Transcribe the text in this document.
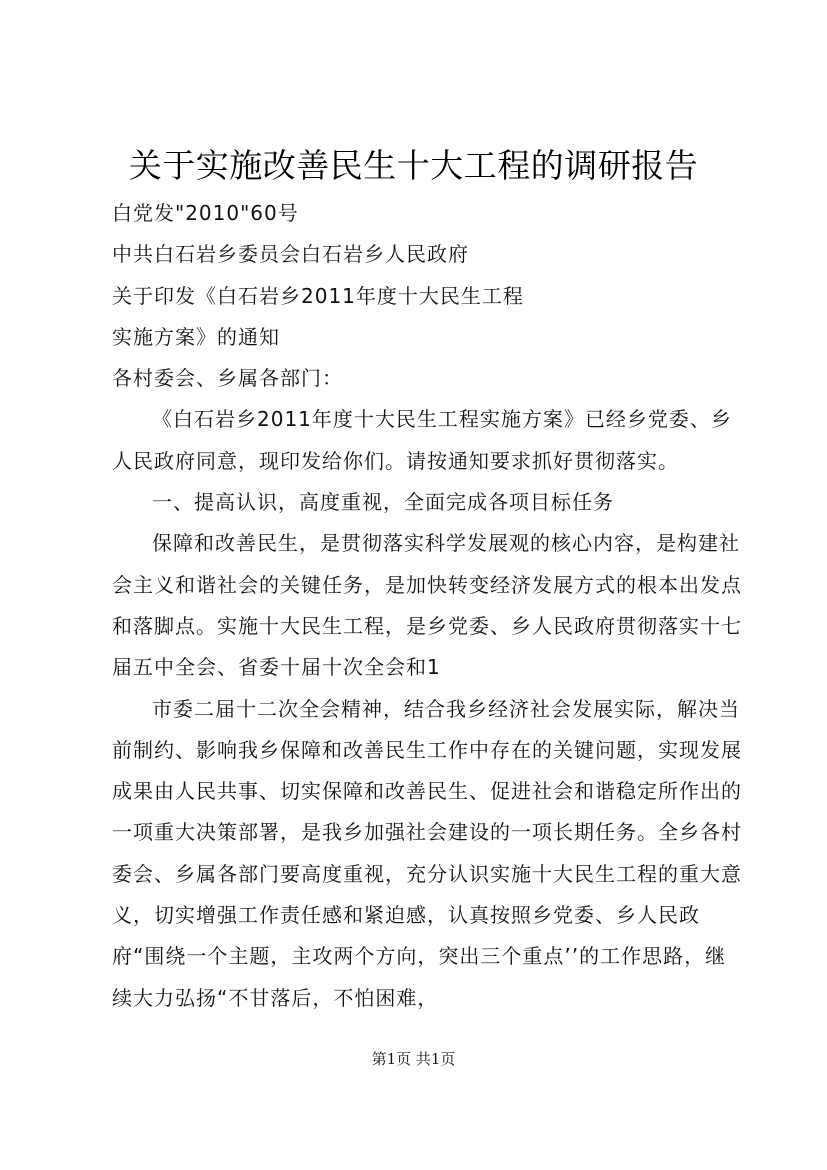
关于实施改善民生十大工程的调研报告

白党发"2010"60号

中共白石岩乡委员会白石岩乡人民政府

关于印发《白石岩乡2011年度十大民生工程

实施方案》的通知

各村委会、乡属各部门：

《白石岩乡2011年度十大民生工程实施方案》已经乡党委、乡人民政府同意，现印发给你们。请按通知要求抓好贯彻落实。

一、提高认识，高度重视，全面完成各项目标任务

保障和改善民生，是贯彻落实科学发展观的核心内容，是构建社会主义和谐社会的关键任务，是加快转变经济发展方式的根本出发点和落脚点。实施十大民生工程，是乡党委、乡人民政府贯彻落实十七届五中全会、省委十届十次全会和1

市委二届十二次全会精神，结合我乡经济社会发展实际，解决当前制约、影响我乡保障和改善民生工作中存在的关键问题，实现发展成果由人民共事、切实保障和改善民生、促进社会和谐稳定所作出的一项重大决策部署，是我乡加强社会建设的一项长期任务。全乡各村委会、乡属各部门要高度重视，充分认识实施十大民生工程的重大意义，切实增强工作责任感和紧迫感，认真按照乡党委、乡人民政府“围绕一个主题，主攻两个方向，突出三个重点’’的工作思路，继续大力弘扬“不甘落后，不怕困难，

第1页 共1页
